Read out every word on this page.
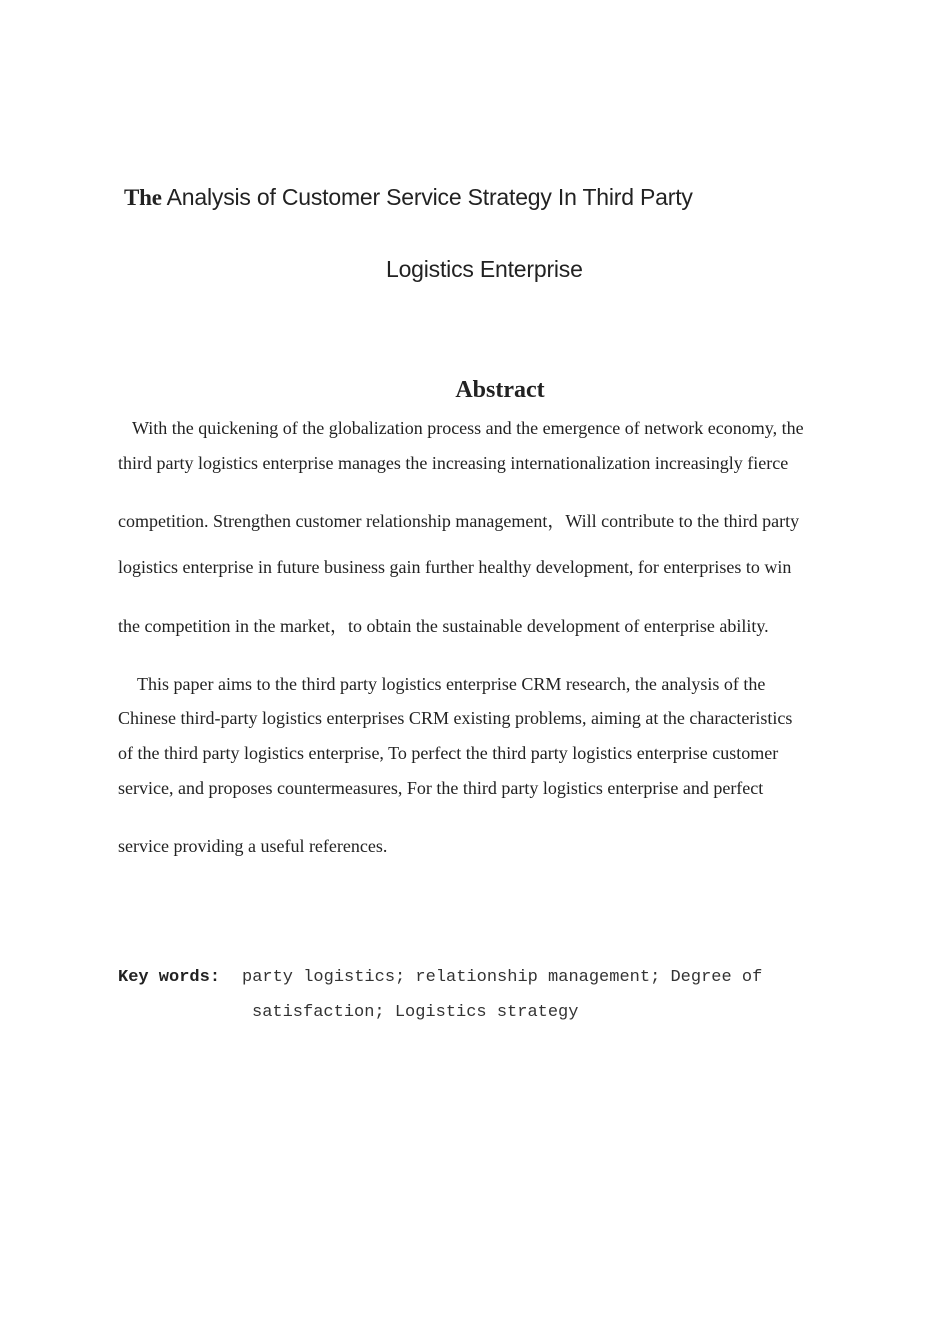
The Analysis of Customer Service Strategy In Third Party
Logistics Enterprise
Abstract
With the quickening of the globalization process and the emergence of network economy, the
third party logistics enterprise manages the increasing internationalization increasingly fierce
competition. Strengthen customer relationship management，Will contribute to the third party
logistics enterprise in future business gain further healthy development, for enterprises to win
the competition in the market，to obtain the sustainable development of enterprise ability.
This paper aims to the third party logistics enterprise CRM research, the analysis of the
Chinese third-party logistics enterprises CRM existing problems, aiming at the characteristics
of the third party logistics enterprise, To perfect the third party logistics enterprise customer
service, and proposes countermeasures, For the third party logistics enterprise and perfect
service providing a useful references.
Key words: party logistics; relationship management; Degree of
satisfaction; Logistics strategy
